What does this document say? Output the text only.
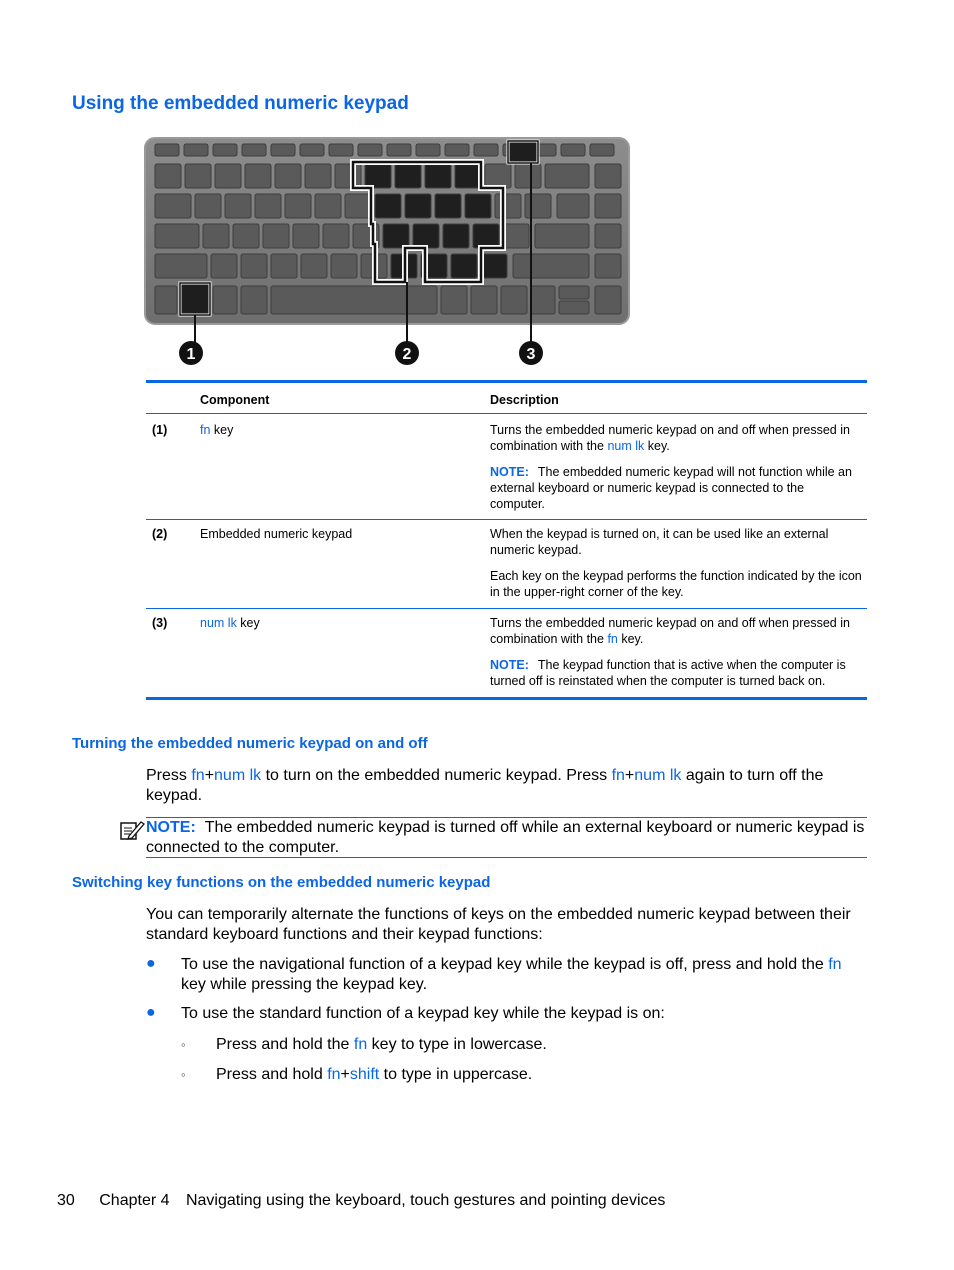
Using the embedded numeric keypad
1	2	3
Component	Description
(1)	fn key	Turns the embedded numeric keypad on and off when pressed in combination with the num lk key.

NOTE: The embedded numeric keypad will not function while an external keyboard or numeric keypad is connected to the computer.

(2)	Embedded numeric keypad	When the keypad is turned on, it can be used like an external numeric keypad.

Each key on the keypad performs the function indicated by the icon in the upper-right corner of the key.

(3)	num lk key	Turns the embedded numeric keypad on and off when pressed in combination with the fn key.

NOTE: The keypad function that is active when the computer is turned off is reinstated when the computer is turned back on.

Turning the embedded numeric keypad on and off
Press fn+num lk to turn on the embedded numeric keypad. Press fn+num lk again to turn off the keypad.
NOTE: The embedded numeric keypad is turned off while an external keyboard or numeric keypad is connected to the computer.
Switching key functions on the embedded numeric keypad
You can temporarily alternate the functions of keys on the embedded numeric keypad between their standard keyboard functions and their keypad functions:
● To use the navigational function of a keypad key while the keypad is off, press and hold the fn key while pressing the keypad key.
● To use the standard function of a keypad key while the keypad is on:
◦ Press and hold the fn key to type in lowercase.
◦ Press and hold fn+shift to type in uppercase.
30 Chapter 4 Navigating using the keyboard, touch gestures and pointing devices
